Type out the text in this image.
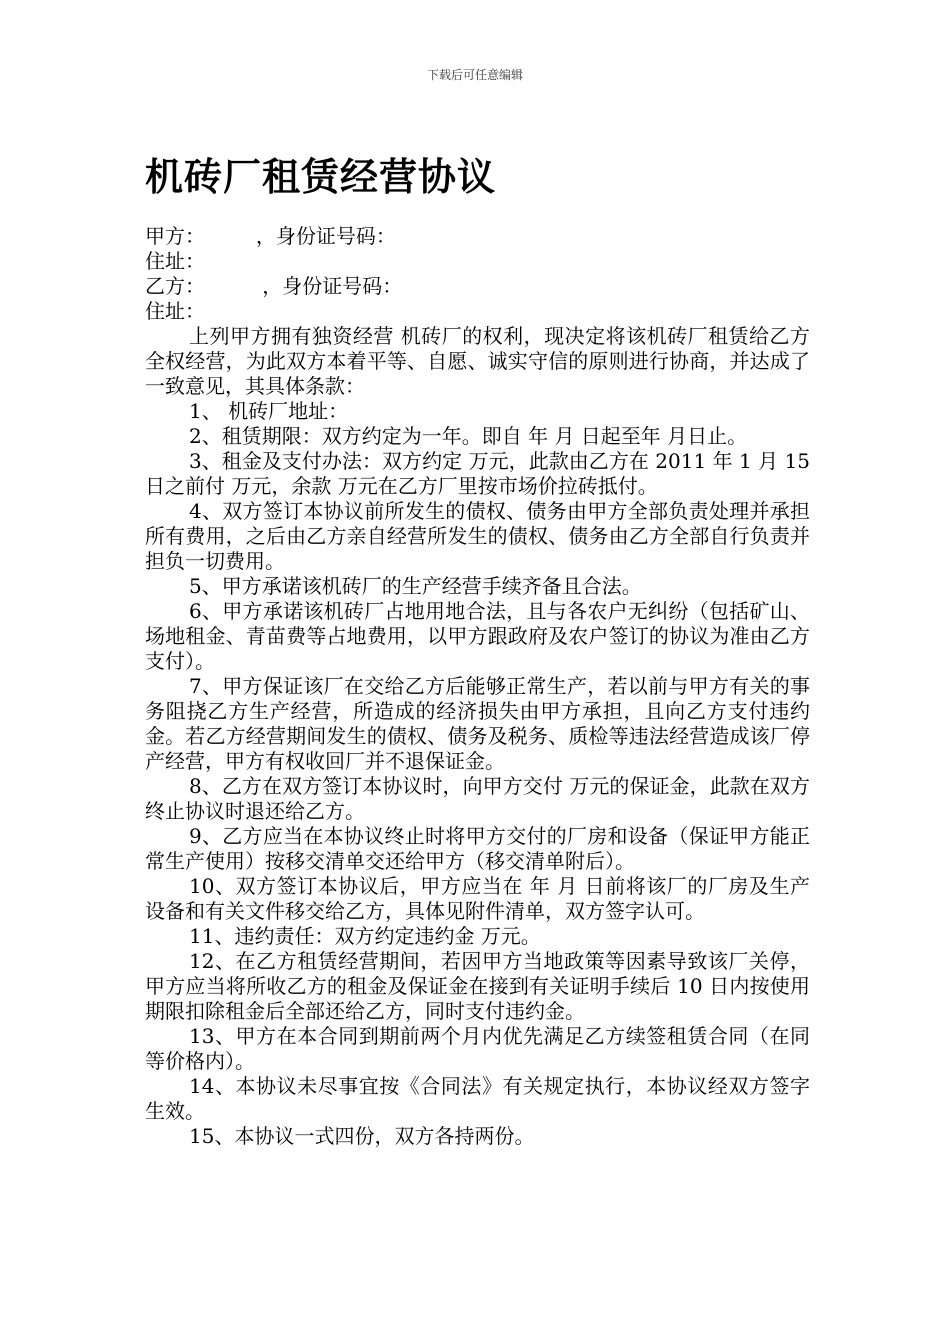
下载后可任意编辑
机砖厂租赁经营协议

甲方：        ，身份证号码：

住址：

乙方：         ，身份证号码：

住址：

上列甲方拥有独资经营 机砖厂的权利，现决定将该机砖厂租赁给乙方全权经营，为此双方本着平等、自愿、诚实守信的原则进行协商，并达成了一致意见，其具体条款：

1、 机砖厂地址：

2、租赁期限：双方约定为一年。即自 年 月 日起至年 月日止。

3、租金及支付办法：双方约定 万元，此款由乙方在 2011 年 1 月 15 日之前付 万元，余款 万元在乙方厂里按市场价拉砖抵付。

4、双方签订本协议前所发生的债权、债务由甲方全部负责处理并承担所有费用，之后由乙方亲自经营所发生的债权、债务由乙方全部自行负责并担负一切费用。

5、甲方承诺该机砖厂的生产经营手续齐备且合法。

6、甲方承诺该机砖厂占地用地合法，且与各农户无纠纷（包括矿山、场地租金、青苗费等占地费用，以甲方跟政府及农户签订的协议为准由乙方支付）。

7、甲方保证该厂在交给乙方后能够正常生产，若以前与甲方有关的事务阻挠乙方生产经营，所造成的经济损失由甲方承担，且向乙方支付违约金。若乙方经营期间发生的债权、债务及税务、质检等违法经营造成该厂停产经营，甲方有权收回厂并不退保证金。

8、乙方在双方签订本协议时，向甲方交付 万元的保证金，此款在双方终止协议时退还给乙方。

9、乙方应当在本协议终止时将甲方交付的厂房和设备（保证甲方能正常生产使用）按移交清单交还给甲方（移交清单附后）。

10、双方签订本协议后，甲方应当在 年 月 日前将该厂的厂房及生产设备和有关文件移交给乙方，具体见附件清单，双方签字认可。

11、违约责任：双方约定违约金 万元。

12、在乙方租赁经营期间，若因甲方当地政策等因素导致该厂关停，甲方应当将所收乙方的租金及保证金在接到有关证明手续后 10 日内按使用期限扣除租金后全部还给乙方，同时支付违约金。

13、甲方在本合同到期前两个月内优先满足乙方续签租赁合同（在同等价格内）。

14、本协议未尽事宜按《合同法》有关规定执行，本协议经双方签字生效。

15、本协议一式四份，双方各持两份。
